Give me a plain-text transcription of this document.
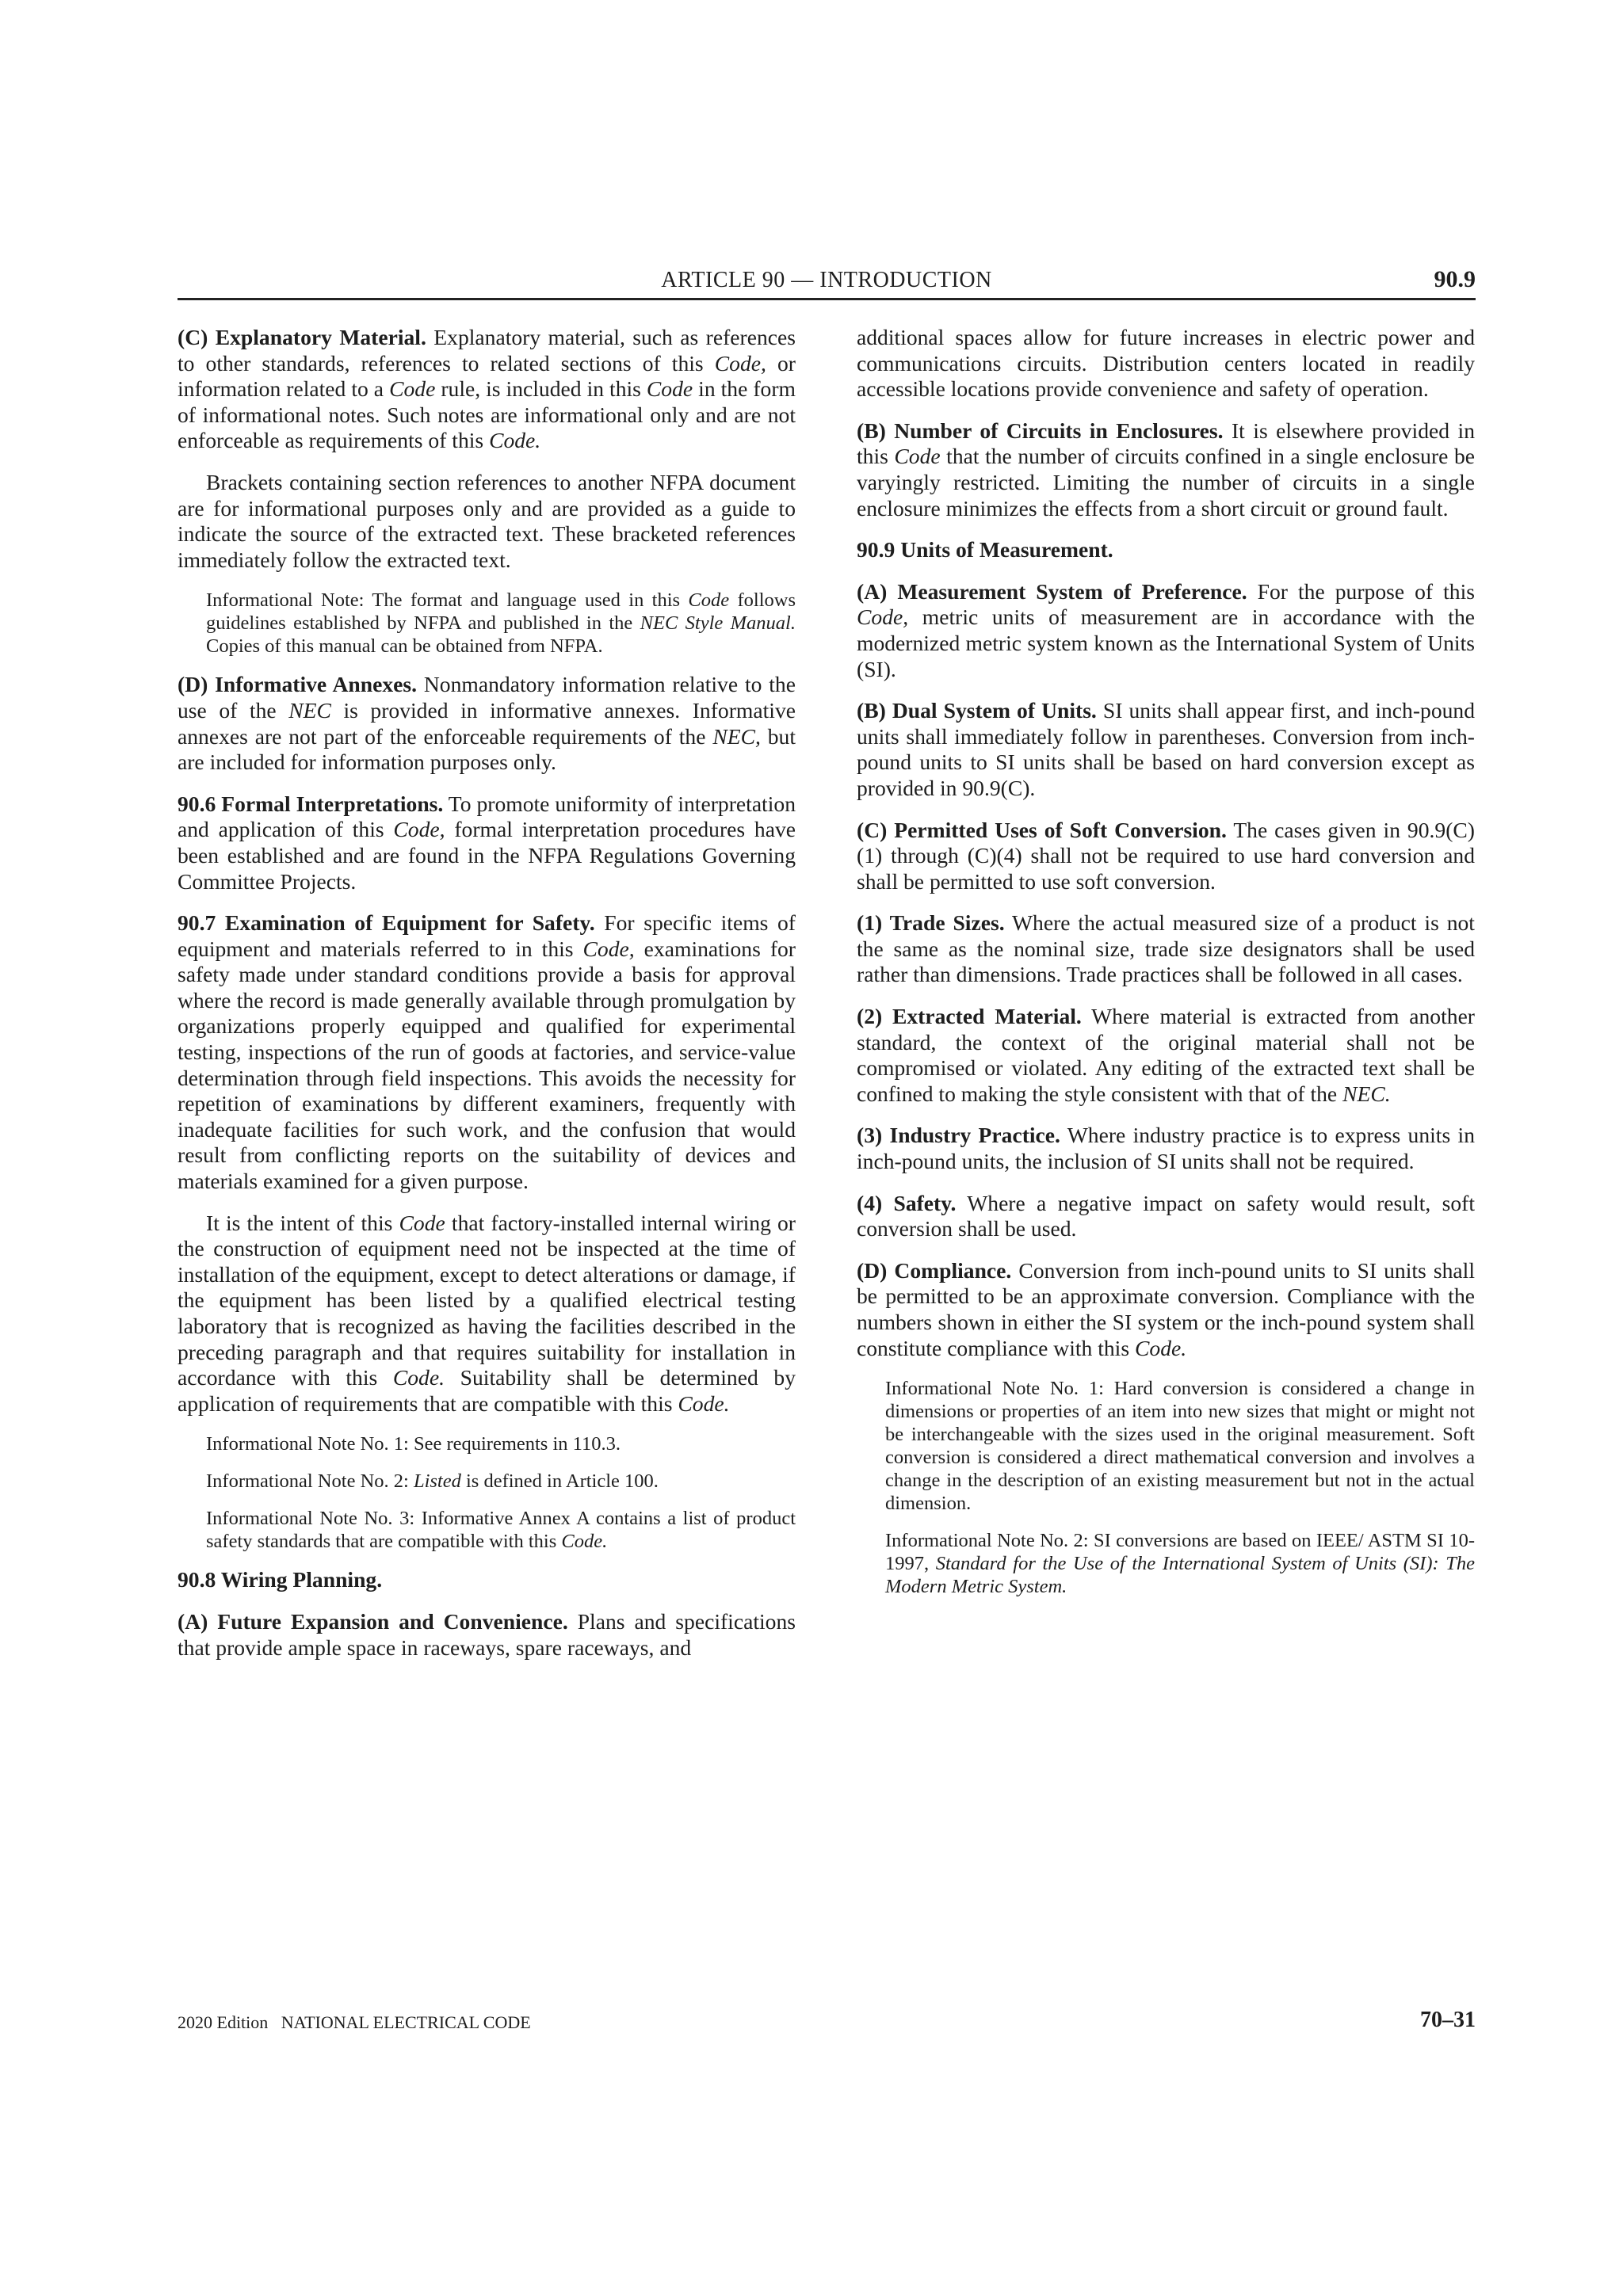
ARTICLE 90 — INTRODUCTION	90.9

(C) Explanatory Material. Explanatory material, such as references to other standards, references to related sections of this Code, or information related to a Code rule, is included in this Code in the form of informational notes. Such notes are informational only and are not enforceable as requirements of this Code.

Brackets containing section references to another NFPA document are for informational purposes only and are provided as a guide to indicate the source of the extracted text. These bracketed references immediately follow the extracted text.

Informational Note: The format and language used in this Code follows guidelines established by NFPA and published in the NEC Style Manual. Copies of this manual can be obtained from NFPA.

(D) Informative Annexes. Nonmandatory information relative to the use of the NEC is provided in informative annexes. Informative annexes are not part of the enforceable requirements of the NEC, but are included for information purposes only.

90.6 Formal Interpretations. To promote uniformity of interpretation and application of this Code, formal interpretation procedures have been established and are found in the NFPA Regulations Governing Committee Projects.

90.7 Examination of Equipment for Safety. For specific items of equipment and materials referred to in this Code, examinations for safety made under standard conditions provide a basis for approval where the record is made generally available through promulgation by organizations properly equipped and qualified for experimental testing, inspections of the run of goods at factories, and service-value determination through field inspections. This avoids the necessity for repetition of examinations by different examiners, frequently with inadequate facilities for such work, and the confusion that would result from conflicting reports on the suitability of devices and materials examined for a given purpose.

It is the intent of this Code that factory-installed internal wiring or the construction of equipment need not be inspected at the time of installation of the equipment, except to detect alterations or damage, if the equipment has been listed by a qualified electrical testing laboratory that is recognized as having the facilities described in the preceding paragraph and that requires suitability for installation in accordance with this Code. Suitability shall be determined by application of requirements that are compatible with this Code.

Informational Note No. 1: See requirements in 110.3.

Informational Note No. 2: Listed is defined in Article 100.

Informational Note No. 3: Informative Annex A contains a list of product safety standards that are compatible with this Code.

90.8 Wiring Planning.

(A) Future Expansion and Convenience. Plans and specifications that provide ample space in raceways, spare raceways, and

additional spaces allow for future increases in electric power and communications circuits. Distribution centers located in readily accessible locations provide convenience and safety of operation.

(B) Number of Circuits in Enclosures. It is elsewhere provided in this Code that the number of circuits confined in a single enclosure be varyingly restricted. Limiting the number of circuits in a single enclosure minimizes the effects from a short circuit or ground fault.

90.9 Units of Measurement.

(A) Measurement System of Preference. For the purpose of this Code, metric units of measurement are in accordance with the modernized metric system known as the International System of Units (SI).

(B) Dual System of Units. SI units shall appear first, and inch-pound units shall immediately follow in parentheses. Conversion from inch-pound units to SI units shall be based on hard conversion except as provided in 90.9(C).

(C) Permitted Uses of Soft Conversion. The cases given in 90.9(C)(1) through (C)(4) shall not be required to use hard conversion and shall be permitted to use soft conversion.

(1) Trade Sizes. Where the actual measured size of a product is not the same as the nominal size, trade size designators shall be used rather than dimensions. Trade practices shall be followed in all cases.

(2) Extracted Material. Where material is extracted from another standard, the context of the original material shall not be compromised or violated. Any editing of the extracted text shall be confined to making the style consistent with that of the NEC.

(3) Industry Practice. Where industry practice is to express units in inch-pound units, the inclusion of SI units shall not be required.

(4) Safety. Where a negative impact on safety would result, soft conversion shall be used.

(D) Compliance. Conversion from inch-pound units to SI units shall be permitted to be an approximate conversion. Compliance with the numbers shown in either the SI system or the inch-pound system shall constitute compliance with this Code.

Informational Note No. 1: Hard conversion is considered a change in dimensions or properties of an item into new sizes that might or might not be interchangeable with the sizes used in the original measurement. Soft conversion is considered a direct mathematical conversion and involves a change in the description of an existing measurement but not in the actual dimension.

Informational Note No. 2: SI conversions are based on IEEE/ ASTM SI 10-1997, Standard for the Use of the International System of Units (SI): The Modern Metric System.

2020 Edition   NATIONAL ELECTRICAL CODE	70–31
